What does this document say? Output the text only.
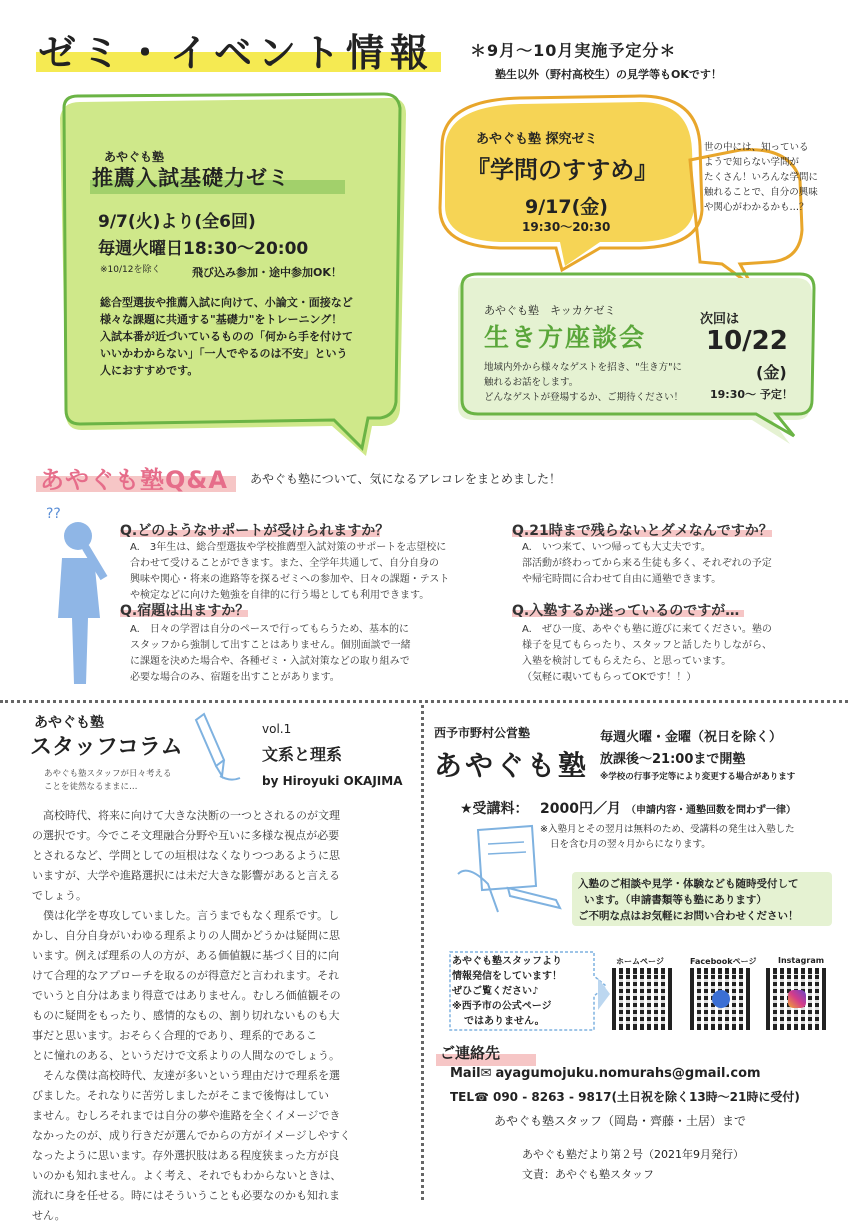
ゼミ・イベント情報 ＊9月〜10月実施予定分＊
塾生以外（野村高校生）の見学等もOKです！
あやぐも塾
推薦入試基礎力ゼミ
9/7(火)より(全6回)
毎週火曜日18:30〜20:00
※10/12を除く	飛び込み参加・途中参加OK！
総合型選抜や推薦入試に向けて、小論文・面接など
様々な課題に共通する"基礎力"をトレーニング！
入試本番が近づいているものの「何から手を付けて
いいかわからない」「一人でやるのは不安」という
人におすすめです。
あやぐも塾 探究ゼミ
『学問のすすめ』
9/17(金)
19:30〜20:30
世の中には、知っている
ようで知らない学問が
たくさん！いろんな学問に
触れることで、自分の興味
や関心がわかるかも…？
あやぐも塾　キッカケゼミ
生き方座談会
次回は
10/22
(金)
19:30〜 予定！
地域内外から様々なゲストを招き、"生き方"に
触れるお話をします。
どんなゲストが登場するか、ご期待ください！
あやぐも塾Q&A あやぐも塾について、気になるアレコレをまとめました！
??
Q.どのようなサポートが受けられますか？
A.　3年生は、総合型選抜や学校推薦型入試対策のサポートを志望校に
合わせて受けることができます。また、全学年共通して、自分自身の
興味や関心・将来の進路等を探るゼミへの参加や、日々の課題・テスト
や検定などに向けた勉強を自律的に行う場としても利用できます。
Q.21時まで残らないとダメなんですか？
A.　いつ来て、いつ帰っても大丈夫です。
部活動が終わってから来る生徒も多く、それぞれの予定
や帰宅時間に合わせて自由に通塾できます。
Q.宿題は出ますか？
A.　日々の学習は自分のペースで行ってもらうため、基本的に
スタッフから強制して出すことはありません。個別面談で一緒
に課題を決めた場合や、各種ゼミ・入試対策などの取り組みで
必要な場合のみ、宿題を出すことがあります。
Q.入塾するか迷っているのですが…
A.　ぜひ一度、あやぐも塾に遊びに来てください。塾の
様子を見てもらったり、スタッフと話したりしながら、
入塾を検討してもらえたら、と思っています。
（気軽に覗いてもらってOKです！！）
あやぐも塾
スタッフコラム
あやぐも塾スタッフが日々考える
ことを徒然なるままに…
vol.1
文系と理系
by Hiroyuki OKAJIMA
　高校時代、将来に向けて大きな決断の一つとされるのが文理
の選択です。今でこそ文理融合分野や互いに多様な視点が必要
とされるなど、学問としての垣根はなくなりつつあるように思
いますが、大学や進路選択には未だ大きな影響があると言える
でしょう。
　僕は化学を専攻していました。言うまでもなく理系です。し
かし、自分自身がいわゆる理系よりの人間かどうかは疑問に思
います。例えば理系の人の方が、ある価値観に基づく目的に向
けて合理的なアプローチを取るのが得意だと言われます。それ
でいうと自分はあまり得意ではありません。むしろ価値観その
ものに疑問をもったり、感情的なもの、割り切れないものも大
事だと思います。おそらく合理的であり、理系的であるこ
とに憧れのある、というだけで文系よりの人間なのでしょう。
　そんな僕は高校時代、友達が多いという理由だけで理系を選
びました。それなりに苦労しましたがそこまで後悔はしてい
ません。むしろそれまでは自分の夢や進路を全くイメージでき
なかったのが、成り行きだが選んでからの方がイメージしやすく
なったように思います。存外選択肢はある程度狭まった方が良
いのかも知れません。よく考え、それでもわからないときは、
流れに身を任せる。時にはそういうことも必要なのかも知れま
せん。
西予市野村公営塾
あやぐも塾
毎週火曜・金曜（祝日を除く）
放課後〜21:00まで開塾
※学校の行事予定等により変更する場合があります
★受講料： 2000円／月 （申請内容・通塾回数を問わず一律）
※入塾月とその翌月は無料のため、受講料の発生は入塾した
日を含む月の翌々月からになります。
入塾のご相談や見学・体験なども随時受付して
います。（申請書類等も塾にあります）
ご不明な点はお気軽にお問い合わせください！
あやぐも塾スタッフより
情報発信をしています！
ぜひご覧ください♪
※西予市の公式ページ
ではありません。
ホームページ	Facebookページ	Instagram
ご連絡先
Mail✉ ayagumojuku.nomurahs@gmail.com
TEL☎ 090 - 8263 - 9817(土日祝を除く13時〜21時に受付)
あやぐも塾スタッフ（岡島・齊藤・土居）まで
あやぐも塾だより第２号（2021年9月発行）
文責：あやぐも塾スタッフ
